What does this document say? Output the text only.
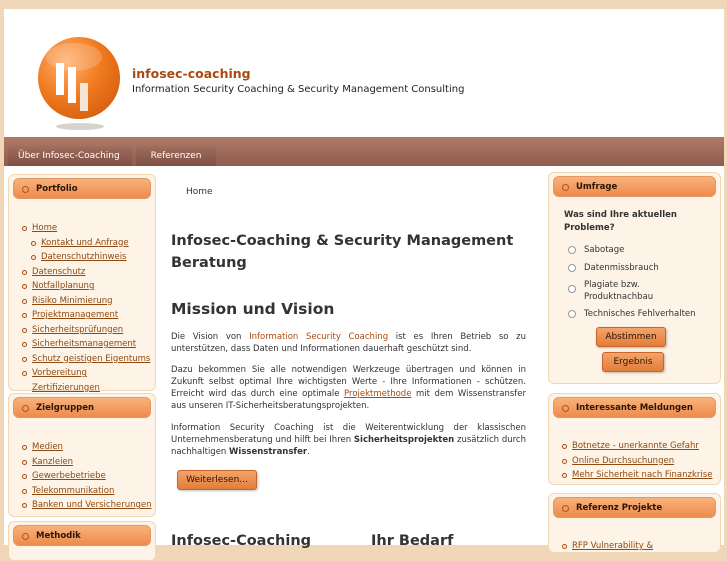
infosec-coaching
Information Security Coaching & Security Management Consulting
Über Infosec-Coaching	Referenzen
Portfolio
Home
Kontakt und Anfrage
Datenschutzhinweis
Datenschutz
Notfallplanung
Risiko Minimierung
Projektmanagement
Sicherheitsprüfungen
Sicherheitsmanagement
Schutz geistigen Eigentums
Vorbereitung Zertifizierungen
Zielgruppen
Medien
Kanzleien
Gewerbebetriebe
Telekommunikation
Banken und Versicherungen
Methodik
Home
Infosec-Coaching & Security Management Beratung
Mission und Vision

Die Vision von Information Security Coaching ist es Ihren Betrieb so zu unterstützen, dass Daten und Informationen dauerhaft geschützt sind.

Dazu bekommen Sie alle notwendigen Werkzeuge übertragen und können in Zukunft selbst optimal Ihre wichtigsten Werte - Ihre Informationen - schützen. Erreicht wird das durch eine optimale Projektmethode mit dem Wissenstransfer aus unseren IT-Sicherheitsberatungsprojekten.

Information Security Coaching ist die Weiterentwicklung der klassischen Unternehmensberatung und hilft bei Ihren Sicherheitsprojekten zusätzlich durch nachhaltigen Wissenstransfer.

Weiterlesen...
Infosec-Coaching	Ihr Bedarf
Umfrage
Was sind Ihre aktuellen Probleme?
Sabotage
Datenmissbrauch
Plagiate bzw. Produktnachbau
Technisches Fehlverhalten
Abstimmen
Ergebnis
Interessante Meldungen
Botnetze - unerkannte Gefahr
Online Durchsuchungen
Mehr Sicherheit nach Finanzkrise
Referenz Projekte
RFP Vulnerability &
